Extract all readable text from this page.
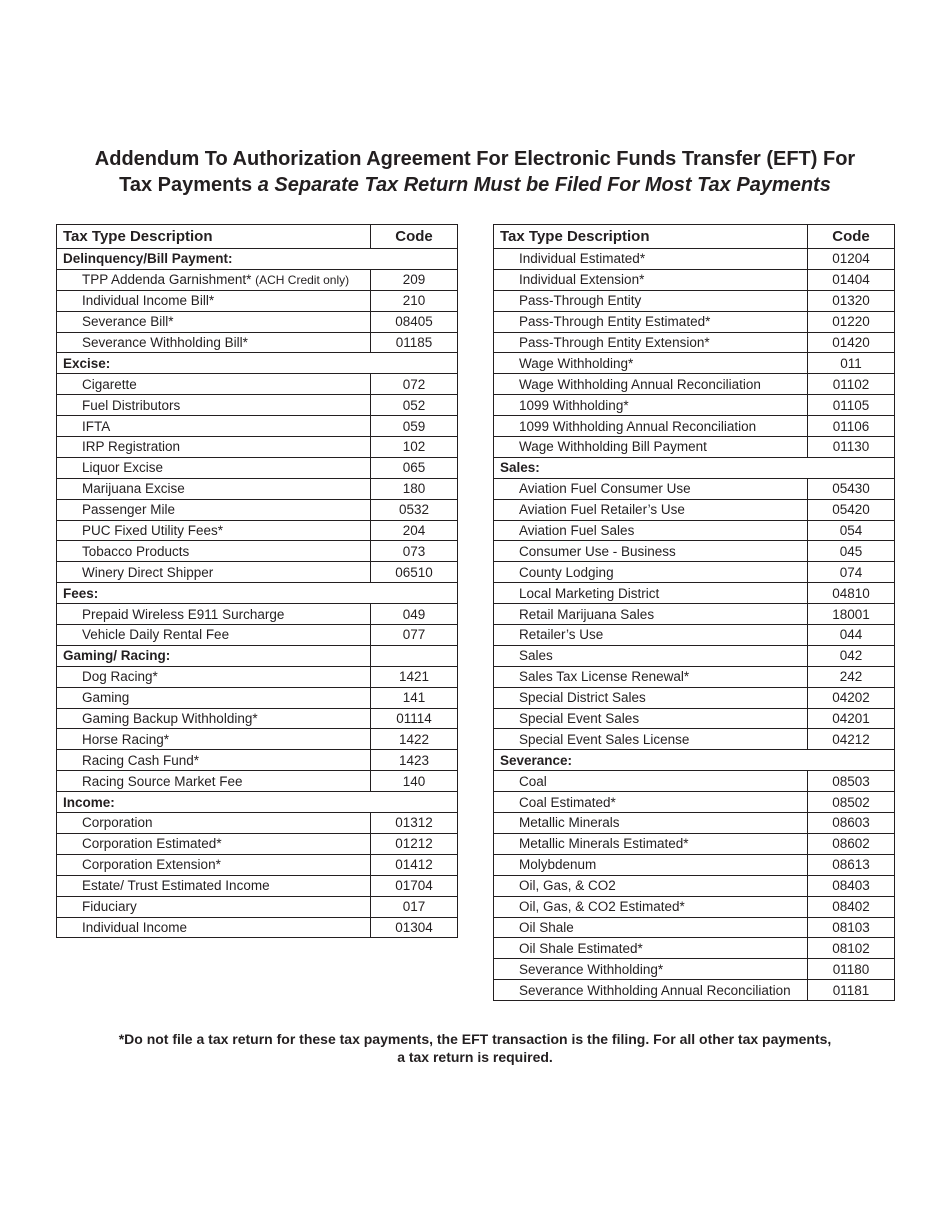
Addendum To Authorization Agreement For Electronic Funds Transfer (EFT) For
Tax Payments a Separate Tax Return Must be Filed For Most Tax Payments
Tax Type Description	Code
Delinquency/Bill Payment:	
TPP Addenda Garnishment* (ACH Credit only)	209
Individual Income Bill*	210
Severance Bill*	08405
Severance Withholding Bill*	01185
Excise:	
Cigarette	072
Fuel Distributors	052
IFTA	059
IRP Registration	102
Liquor Excise	065
Marijuana Excise	180
Passenger Mile	0532
PUC Fixed Utility Fees*	204
Tobacco Products	073
Winery Direct Shipper	06510
Fees:	
Prepaid Wireless E911 Surcharge	049
Vehicle Daily Rental Fee	077
Gaming/ Racing:	
Dog Racing*	1421
Gaming	141
Gaming Backup Withholding*	01114
Horse Racing*	1422
Racing Cash Fund*	1423
Racing Source Market Fee	140
Income:	
Corporation	01312
Corporation Estimated*	01212
Corporation Extension*	01412
Estate/ Trust Estimated Income	01704
Fiduciary	017
Individual Income	01304
Tax Type Description	Code
Individual Estimated*	01204
Individual Extension*	01404
Pass-Through Entity	01320
Pass-Through Entity Estimated*	01220
Pass-Through Entity Extension*	01420
Wage Withholding*	011
Wage Withholding Annual Reconciliation	01102
1099 Withholding*	01105
1099 Withholding Annual Reconciliation	01106
Wage Withholding Bill Payment	01130
Sales:	
Aviation Fuel Consumer Use	05430
Aviation Fuel Retailer’s Use	05420
Aviation Fuel Sales	054
Consumer Use - Business	045
County Lodging	074
Local Marketing District	04810
Retail Marijuana Sales	18001
Retailer’s Use	044
Sales	042
Sales Tax License Renewal*	242
Special District Sales	04202
Special Event Sales	04201
Special Event Sales License	04212
Severance:	
Coal	08503
Coal Estimated*	08502
Metallic Minerals	08603
Metallic Minerals Estimated*	08602
Molybdenum	08613
Oil, Gas, & CO2	08403
Oil, Gas, & CO2 Estimated*	08402
Oil Shale	08103
Oil Shale Estimated*	08102
Severance Withholding*	01180
Severance Withholding Annual Reconciliation	01181
*Do not file a tax return for these tax payments, the EFT transaction is the filing. For all other tax payments,
a tax return is required.
